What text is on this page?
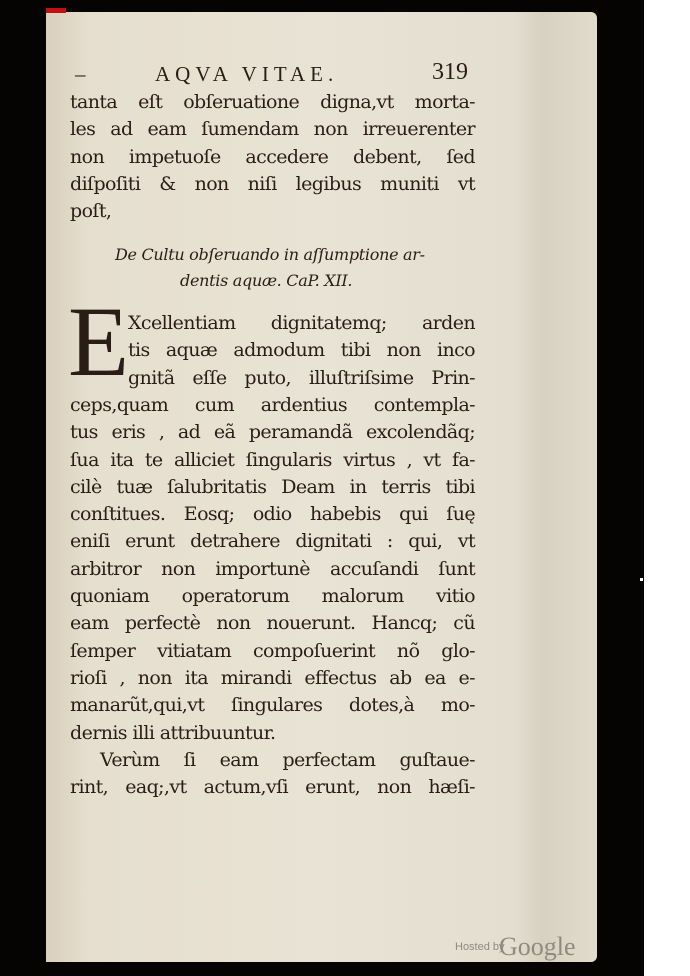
–	AQVA VITAE.	319
tanta eſt obſeruatione digna,vt morta-
les ad eam ſumendam non irreuerenter
non impetuoſe accedere debent, ſed
diſpoſiti & non niſi legibus muniti vt
poſt,
De Cultu obſeruando in aſſumptione ar-
dentis aquæ. CaP. XII.
E
Xcellentiam dignitatemq; arden
tis aquæ admodum tibi non inco
gnitã eſſe puto, illuſtriſsime Prin-
ceps,quam cum ardentius contempla-
tus eris , ad eã peramandã excolendãq;
ſua ita te alliciet ſingularis virtus , vt fa-
cilè tuæ ſalubritatis Deam in terris tibi
conſtitues. Eosq; odio habebis qui ſuę
eniſi erunt detrahere dignitati : qui, vt
arbitror non importunè accuſandi ſunt
quoniam operatorum malorum vitio
eam perfectè non nouerunt. Hancq; cũ
ſemper vitiatam compoſuerint nõ glo-
rioſi , non ita mirandi effectus ab ea e-
manarũt,qui,vt ſingulares dotes,à mo-
dernis illi attribuuntur.
Verùm ſi eam perfectam guſtaue-
rint, eaq;,vt actum,vſi erunt, non hæſi-
Hosted by
Google
